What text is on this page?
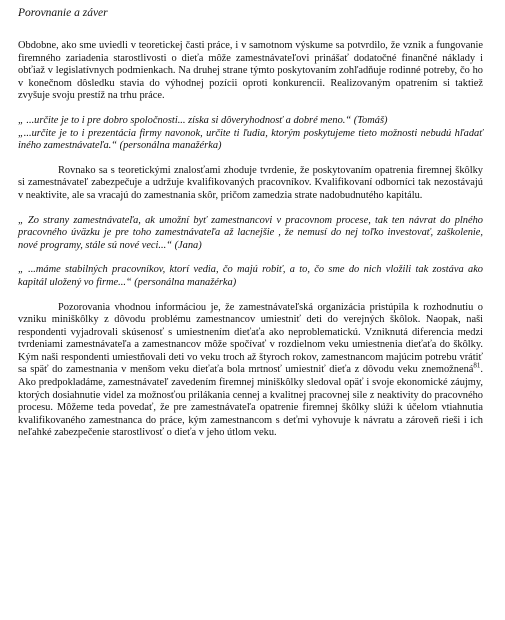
Porovnanie a záver

Obdobne, ako sme uviedli v teoretickej časti práce, i v samotnom výskume sa potvrdilo, že vznik a fungovanie firemného zariadenia starostlivosti o dieťa môže zamestnávateľovi prinášať dodatočné finančné náklady i obťiaž v legislatívnych podmienkach. Na druhej strane týmto poskytovaním zohľadňuje rodinné potreby, čo ho v konečnom dôsledku stavia do výhodnej pozícii oproti konkurencii. Realizovaným opatrením si taktiež zvyšuje svoju prestíž na trhu práce.

„ ...určite je to i pre dobro spoločnosti... získa si dôveryhodnosť a dobré meno.“ (Tomáš)

„...určite je to i prezentácia firmy navonok, určite ti ľudia, ktorým poskytujeme tieto možnosti nebudú hľadať iného zamestnávateľa.“ (personálna manažérka)

Rovnako sa s teoretickými znalosťami zhoduje tvrdenie, že poskytovaním opatrenia firemnej škôlky si zamestnávateľ zabezpečuje a udržuje kvalifikovaných pracovníkov. Kvalifikovaní odborníci tak nezostávajú v neaktivite, ale sa vracajú do zamestnania skôr, pričom zamedzia strate nadobudnutého kapitálu.

„ Zo strany zamestnávateľa, ak umožní byť zamestnancovi v pracovnom procese, tak ten návrat do plného pracovného úväzku je pre toho zamestnávateľa až lacnejšie , že nemusí do nej toľko investovať, zaškolenie, nové programy, stále sú nové veci...“ (Jana)

„ ...máme stabilných pracovníkov, ktorí vedia, čo majú robiť, a to, čo sme do nich vložili tak zostáva ako kapitál uložený vo firme...“ (personálna manažérka)

Pozorovania vhodnou informáciou je, že zamestnávateľská organizácia pristúpila k rozhodnutiu o vzniku miniškôlky z dôvodu problému zamestnancov umiestniť deti do verejných škôlok. Naopak, naši respondenti vyjadrovali skúsenosť s umiestnením dieťaťa ako neproblematickú. Vzniknutá diferencia medzi tvrdeniami zamestnávateľa a zamestnancov môže spočívať v rozdielnom veku umiestnenia dieťaťa do škôlky. Kým naši respondenti umiestňovali deti vo veku troch až štyroch rokov, zamestnancom majúcim potrebu vrátiť sa späť do zamestnania v menšom veku dieťaťa bola mrtnosť umiestniť dieťa z dôvodu veku znemožnená$^{81}$. Ako predpokladáme, zamestnávateľ zavedením firemnej miniškôlky sledoval opäť i svoje ekonomické záujmy, ktorých dosiahnutie videl za možnosťou prilákania cennej a kvalitnej pracovnej sile z neaktivity do pracovného procesu. Môžeme teda povedať, že pre zamestnávateľa opatrenie firemnej škôlky slúži k účelom vtiahnutia kvalifikovaného zamestnanca do práce, kým zamestnancom s deťmi vyhovuje k návratu a zároveň rieši i ich neľahké zabezpečenie starostlivosť o dieťa v jeho útlom veku.
